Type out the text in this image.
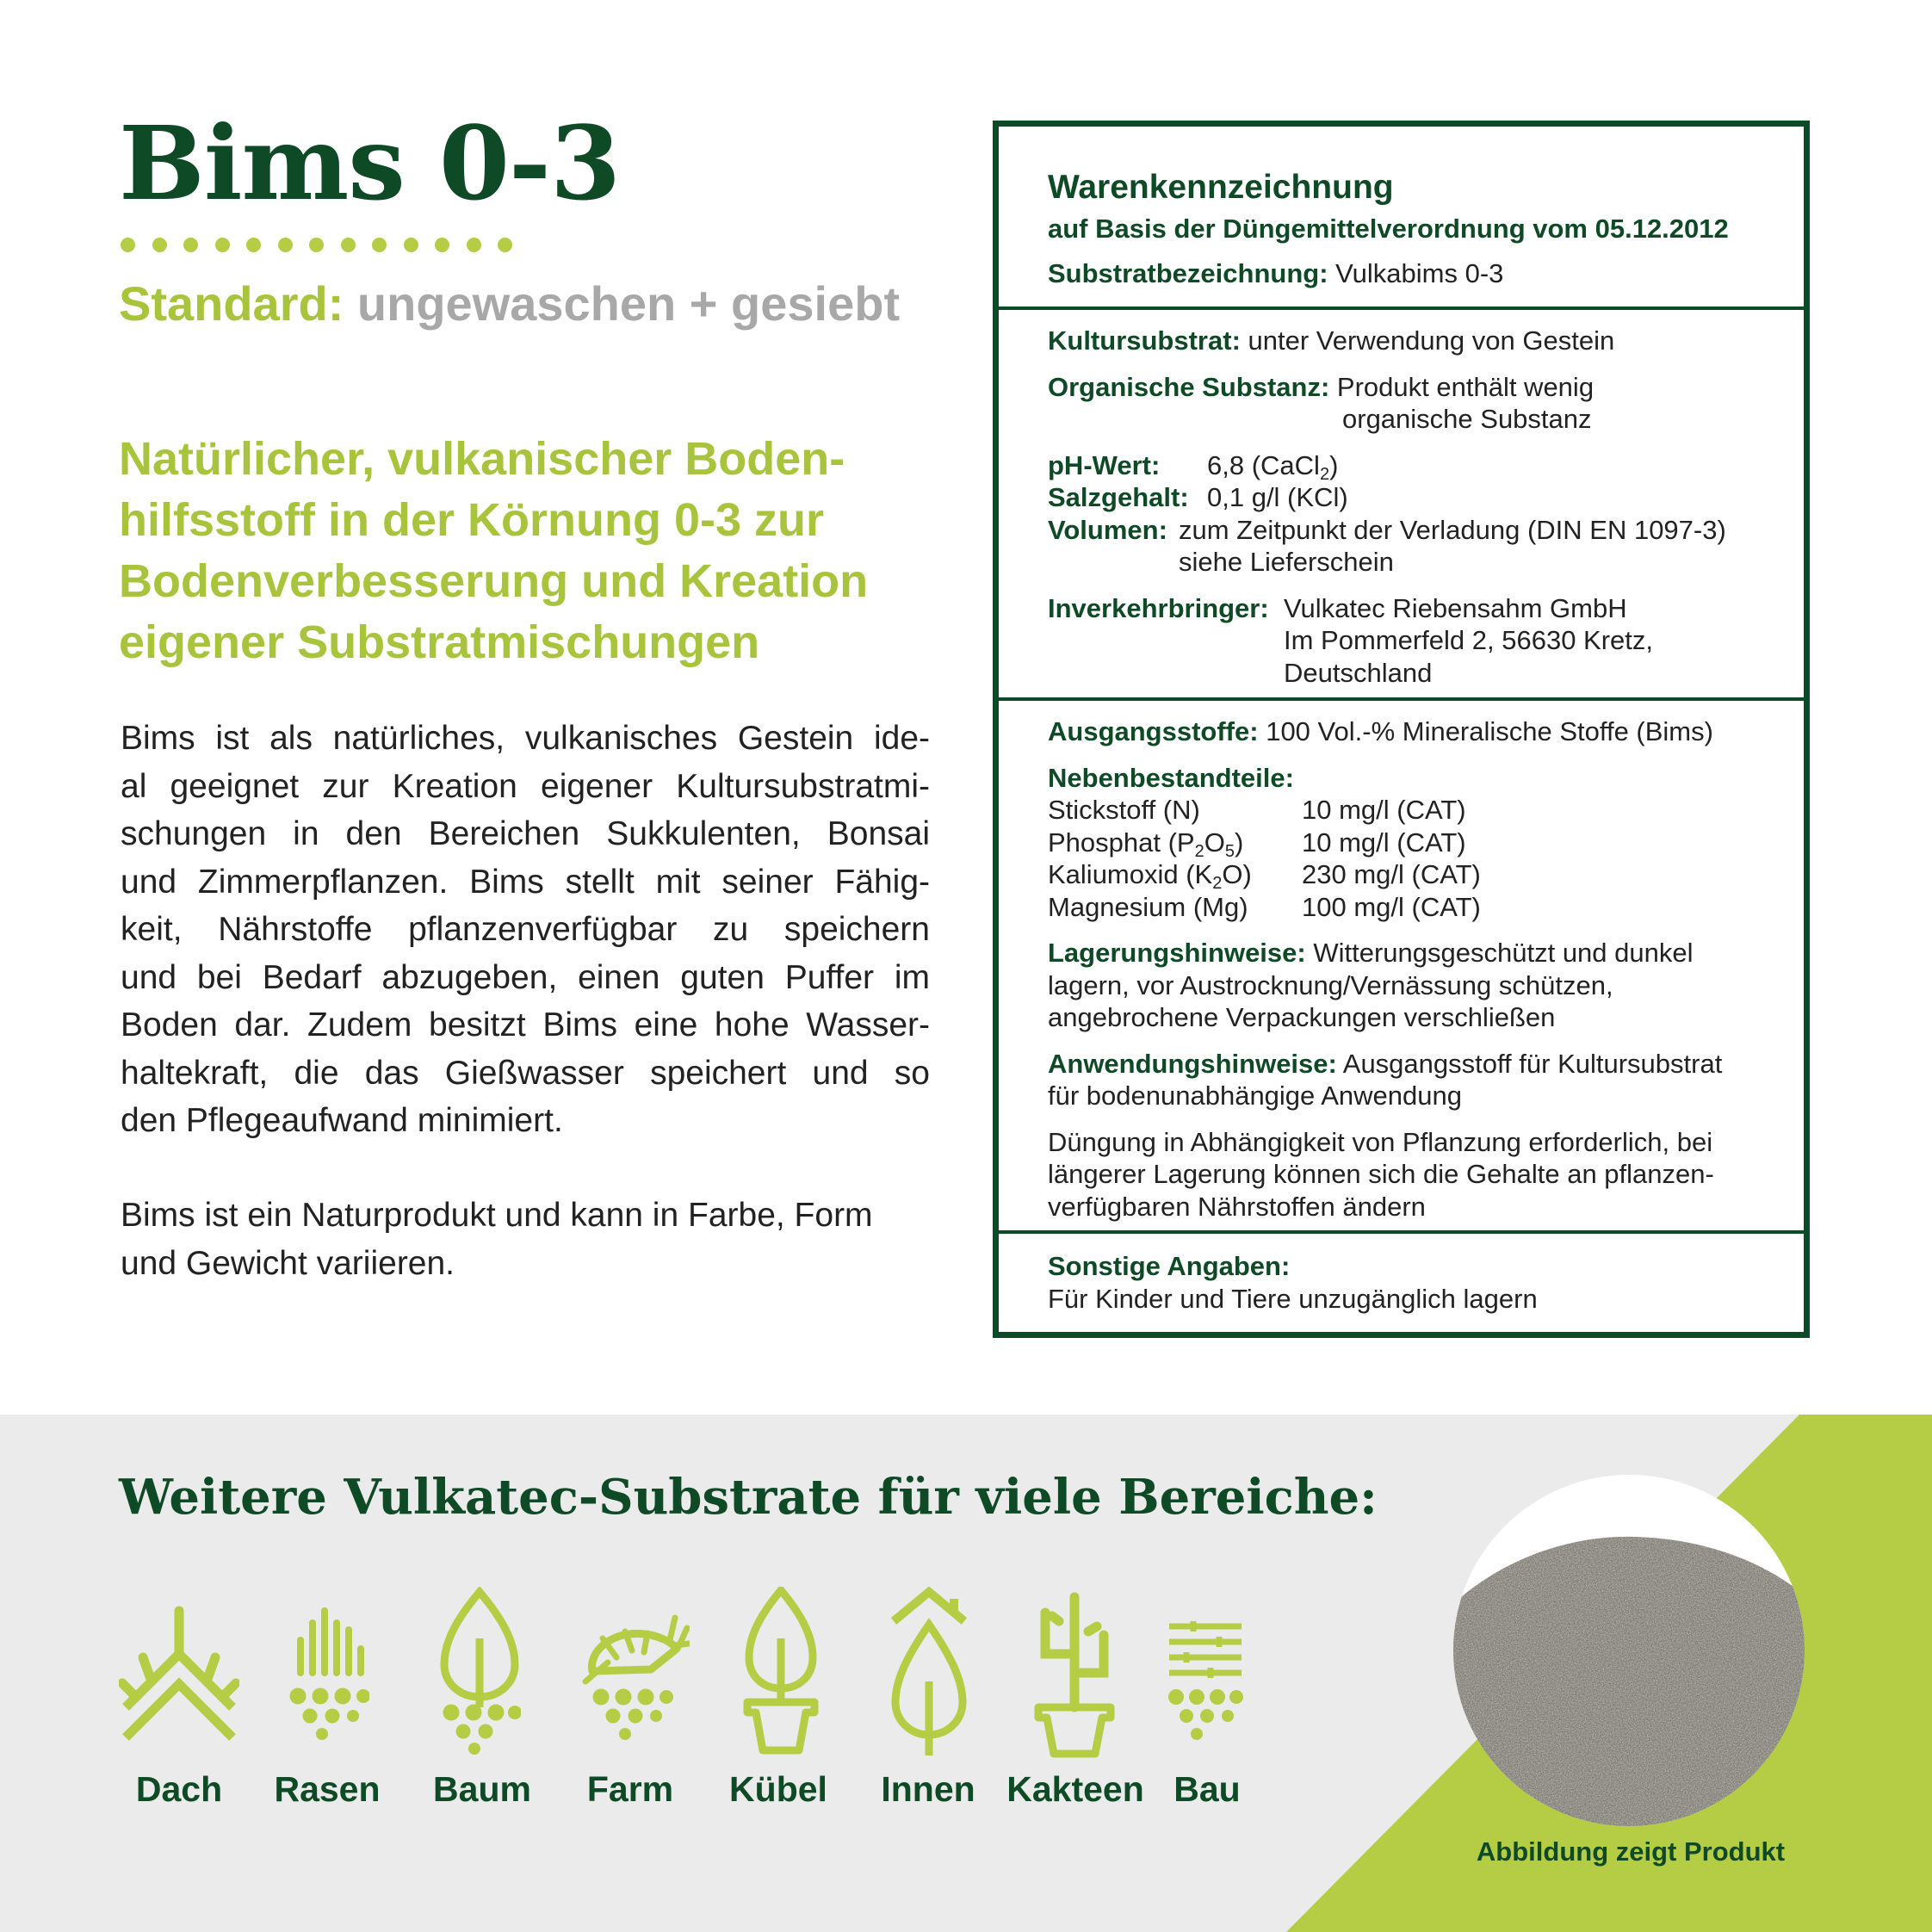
Bims 0-3
Standard: ungewaschen + gesiebt
Natürlicher, vulkanischer Boden-
hilfsstoff in der Körnung 0-3 zur
Bodenverbesserung und Kreation
eigener Substratmischungen
Bims ist als natürliches, vulkanisches Gestein ide-
al geeignet zur Kreation eigener Kultursubstratmi-
schungen in den Bereichen Sukkulenten, Bonsai
und Zimmerpflanzen. Bims stellt mit seiner Fähig-
keit, Nährstoffe pflanzenverfügbar zu speichern
und bei Bedarf abzugeben, einen guten Puffer im
Boden dar. Zudem besitzt Bims eine hohe Wasser-
haltekraft, die das Gießwasser speichert und so
den Pflegeaufwand minimiert.
Bims ist ein Naturprodukt und kann in Farbe, Form
und Gewicht variieren.
Warenkennzeichnung
auf Basis der Düngemittelverordnung vom 05.12.2012
Substratbezeichnung: Vulkabims 0-3
Kultursubstrat: unter Verwendung von Gestein
Organische Substanz: Produkt enthält wenig
organische Substanz
pH-Wert: 6,8 (CaCl$_2$)
Salzgehalt: 0,1 g/l (KCl)
Volumen: zum Zeitpunkt der Verladung (DIN EN 1097-3)
siehe Lieferschein
Inverkehrbringer: Vulkatec Riebensahm GmbH
Im Pommerfeld 2, 56630 Kretz,
Deutschland
Ausgangsstoffe: 100 Vol.-% Mineralische Stoffe (Bims)
Nebenbestandteile:
Stickstoff (N)	10 mg/l (CAT)
Phosphat $(P_2O_5)$ 10 mg/l (CAT)
Kaliumoxid $(K_2O)$ 230 mg/l (CAT)
Magnesium (Mg) 100 mg/l (CAT)
Lagerungshinweise: Witterungsgeschützt und dunkel
lagern, vor Austrocknung/Vernässung schützen,
angebrochene Verpackungen verschließen
Anwendungshinweise: Ausgangsstoff für Kultursubstrat
für bodenunabhängige Anwendung
Düngung in Abhängigkeit von Pflanzung erforderlich, bei
längerer Lagerung können sich die Gehalte an pflanzen-
verfügbaren Nährstoffen ändern
Sonstige Angaben:
Für Kinder und Tiere unzugänglich lagern
Weitere Vulkatec-Substrate für viele Bereiche:
Dach Rasen Baum Farm Kübel Innen Kakteen Bau
Abbildung zeigt Produkt
